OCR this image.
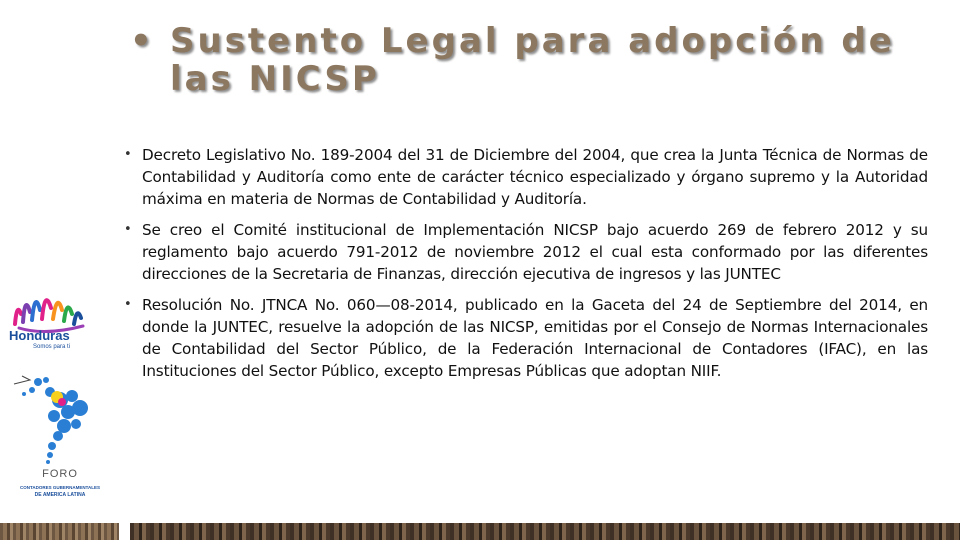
• Sustento Legal para adopción de las NICSP
• Decreto Legislativo No. 189-2004 del 31 de Diciembre del 2004, que crea la Junta Técnica de Normas de Contabilidad y Auditoría como ente de carácter técnico especializado y órgano supremo y la Autoridad máxima en materia de Normas de Contabilidad y Auditoría.

• Se creo el Comité institucional de Implementación NICSP bajo acuerdo 269 de febrero 2012 y su reglamento bajo acuerdo 791-2012 de noviembre 2012 el cual esta conformado por las diferentes direcciones de la Secretaria de Finanzas, dirección ejecutiva de ingresos y las JUNTEC

• Resolución No. JTNCA No. 060—08-2014, publicado en la Gaceta del 24 de Septiembre del 2014, en donde la JUNTEC, resuelve la adopción de las NICSP, emitidas por el Consejo de Normas Internacionales de Contabilidad del Sector Público, de la Federación Internacional de Contadores (IFAC), en las Instituciones del Sector Público, excepto Empresas Públicas que adoptan NIIF.

Honduras
Somos para ti
FORO
CONTADORES GUBERNAMENTALES
DE AMERICA LATINA
